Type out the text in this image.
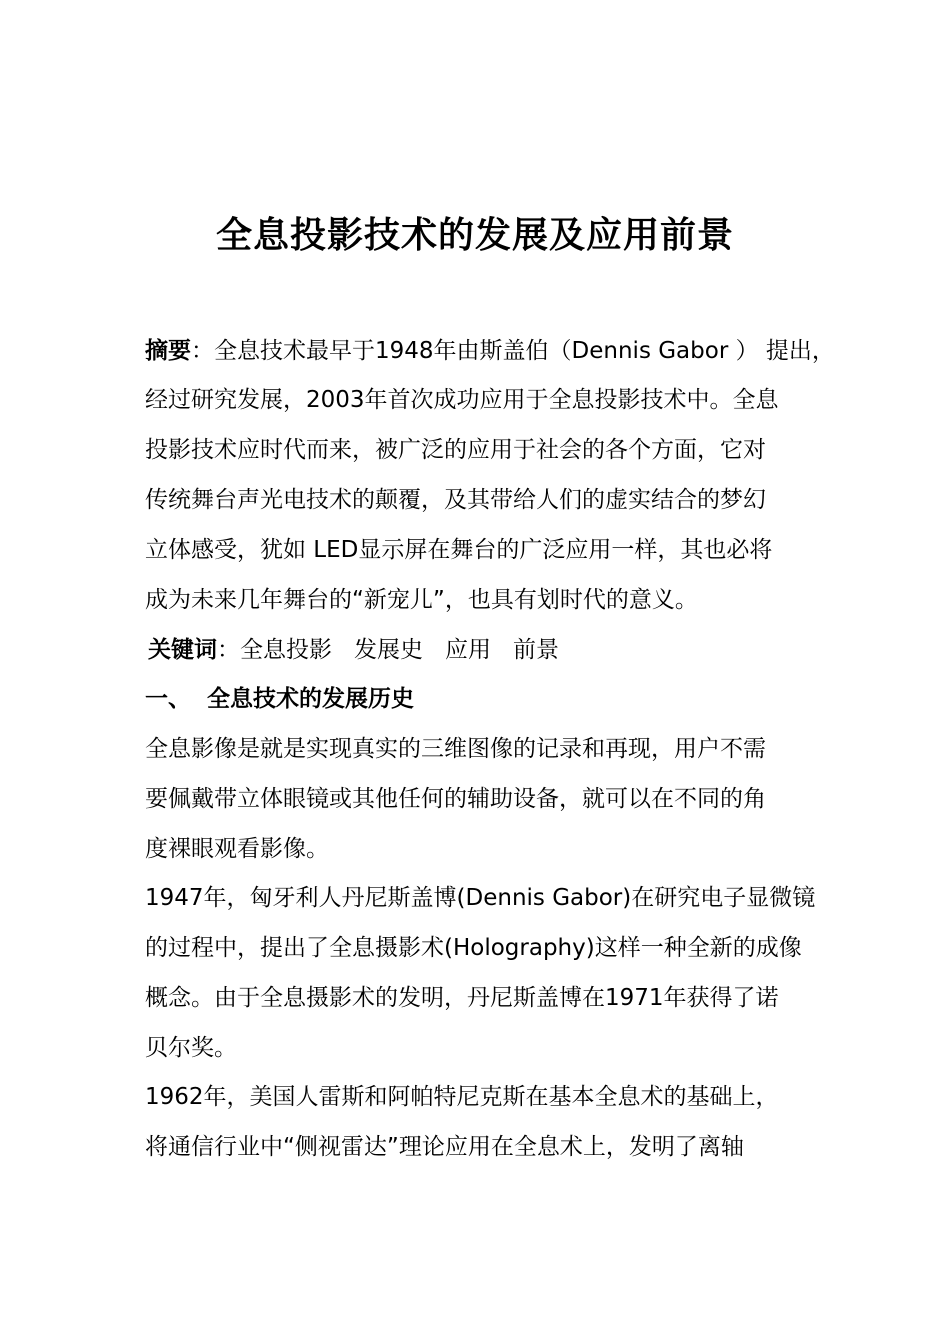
全息投影技术的发展及应用前景
摘要：全息技术最早于1948年由斯盖伯（Dennis Gabor ） 提出，
经过研究发展，2003年首次成功应用于全息投影技术中。全息
投影技术应时代而来，被广泛的应用于社会的各个方面，它对
传统舞台声光电技术的颠覆，及其带给人们的虚实结合的梦幻
立体感受，犹如 LED显示屏在舞台的广泛应用一样，其也必将
成为未来几年舞台的“新宠儿”，也具有划时代的意义。
关键词：全息投影 发展史 应用 前景
一、 全息技术的发展历史
全息影像是就是实现真实的三维图像的记录和再现，用户不需
要佩戴带立体眼镜或其他任何的辅助设备，就可以在不同的角
度裸眼观看影像。
1947年，匈牙利人丹尼斯盖博(Dennis Gabor)在研究电子显微镜
的过程中，提出了全息摄影术(Holography)这样一种全新的成像
概念。由于全息摄影术的发明，丹尼斯盖博在1971年获得了诺
贝尔奖。
1962年，美国人雷斯和阿帕特尼克斯在基本全息术的基础上，
将通信行业中“侧视雷达”理论应用在全息术上，发明了离轴
